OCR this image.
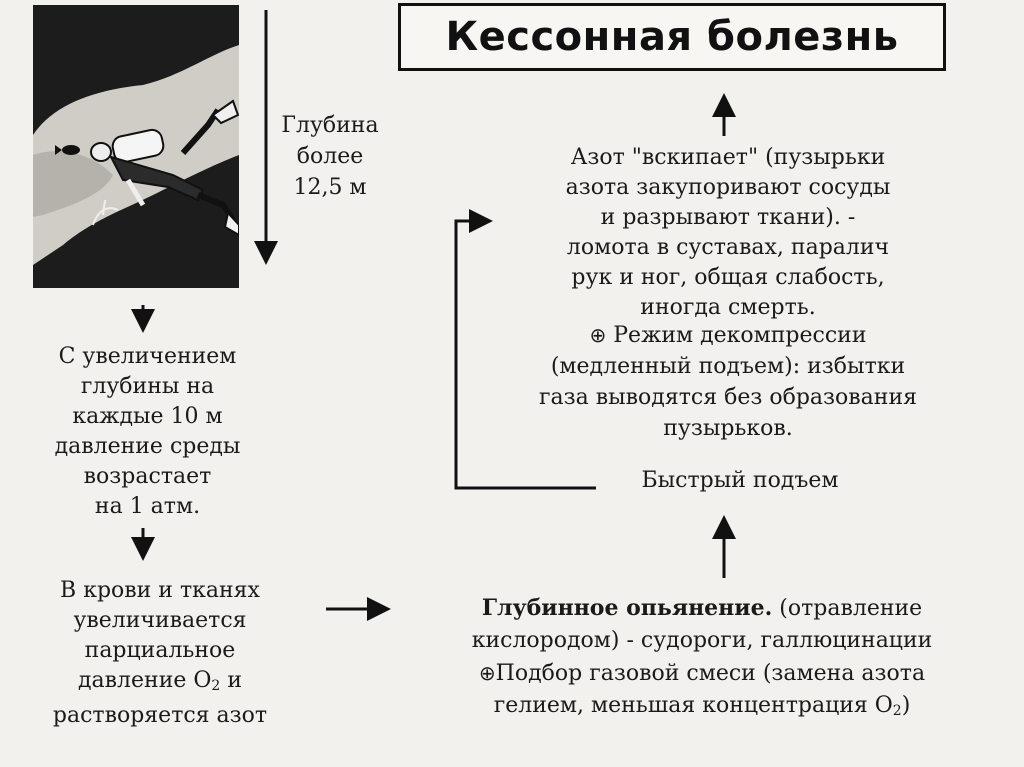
Кессонная болезнь
Глубина
более
12,5 м
С увеличением
глубины на
каждые 10 м
давление среды
возрастает
на 1 атм.
В крови и тканях
увеличивается
парциальное
давление $O_2$ и
растворяется азот
Азот "вскипает" (пузырьки
азота закупоривают сосуды
и разрывают ткани). -
ломота в суставах, паралич
рук и ног, общая слабость,
иногда смерть.
⊕ Режим декомпрессии
(медленный подъем): избытки
газа выводятся без образования
пузырьков.
Быстрый подъем
Глубинное опьянение. (отравление
кислородом) - судороги, галлюцинации
⊕Подбор газовой смеси (замена азота
гелием, меньшая концентрация $O_2$)
